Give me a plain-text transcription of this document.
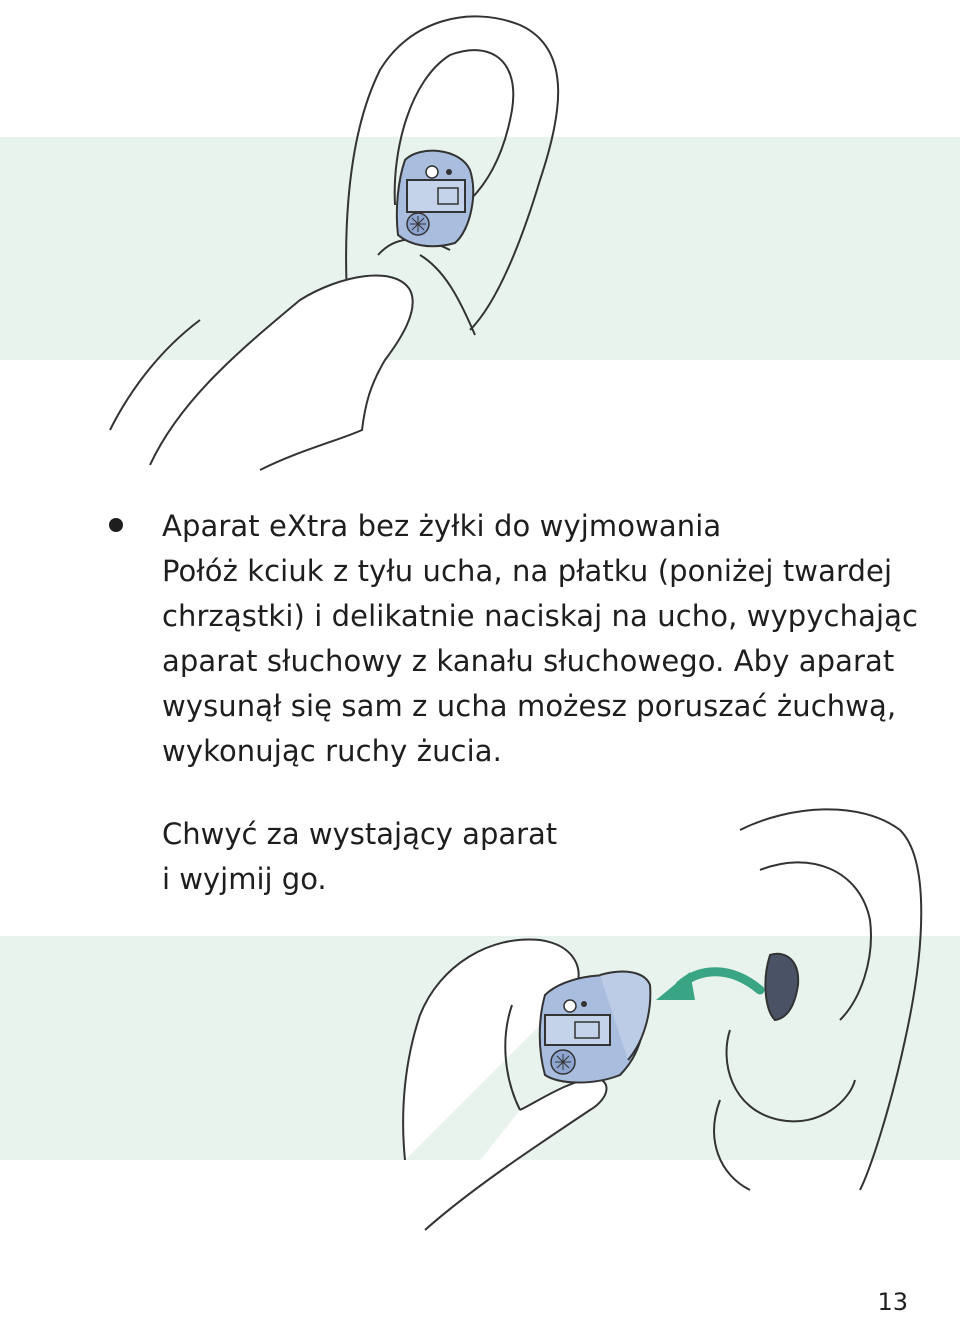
Aparat eXtra bez żyłki do wyjmowania
Połóż kciuk z tyłu ucha, na płatku (poniżej twardej
chrząstki) i delikatnie naciskaj na ucho, wypychając
aparat słuchowy z kanału słuchowego. Aby aparat
wysunął się sam z ucha możesz poruszać żuchwą,
wykonując ruchy żucia.
Chwyć za wystający aparat
i wyjmij go.
13
